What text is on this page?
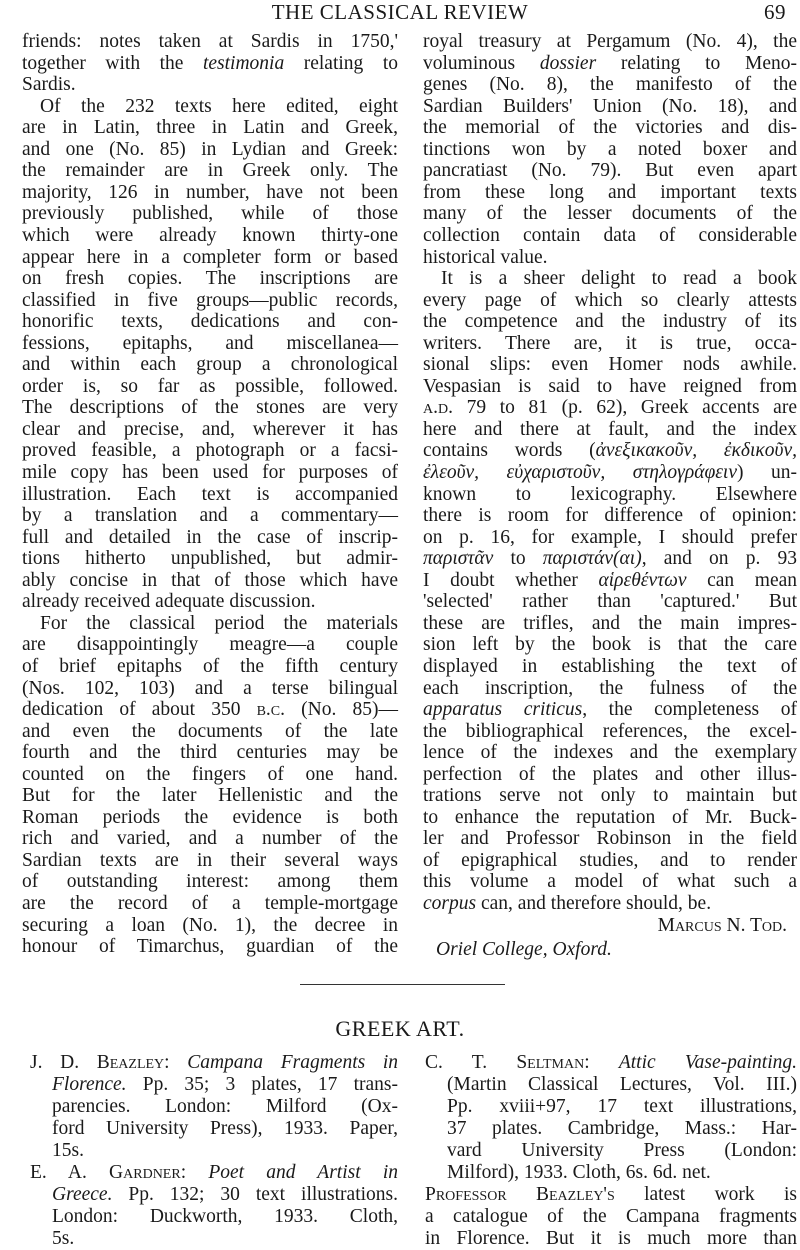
THE CLASSICAL REVIEW	69
friends: notes taken at Sardis in 1750,'
together with the testimonia relating to
Sardis.
Of the 232 texts here edited, eight
are in Latin, three in Latin and Greek,
and one (No. 85) in Lydian and Greek:
the remainder are in Greek only. The
majority, 126 in number, have not been
previously published, while of those
which were already known thirty-one
appear here in a completer form or based
on fresh copies. The inscriptions are
classified in five groups—public records,
honorific texts, dedications and con-
fessions, epitaphs, and miscellanea—
and within each group a chronological
order is, so far as possible, followed.
The descriptions of the stones are very
clear and precise, and, wherever it has
proved feasible, a photograph or a facsi-
mile copy has been used for purposes of
illustration. Each text is accompanied
by a translation and a commentary—
full and detailed in the case of inscrip-
tions hitherto unpublished, but admir-
ably concise in that of those which have
already received adequate discussion.
For the classical period the materials
are disappointingly meagre—a couple
of brief epitaphs of the fifth century
(Nos. 102, 103) and a terse bilingual
dedication of about 350 b.c. (No. 85)—
and even the documents of the late
fourth and the third centuries may be
counted on the fingers of one hand.
But for the later Hellenistic and the
Roman periods the evidence is both
rich and varied, and a number of the
Sardian texts are in their several ways
of outstanding interest: among them
are the record of a temple-mortgage
securing a loan (No. 1), the decree in
honour of Timarchus, guardian of the
royal treasury at Pergamum (No. 4), the
voluminous dossier relating to Meno-
genes (No. 8), the manifesto of the
Sardian Builders' Union (No. 18), and
the memorial of the victories and dis-
tinctions won by a noted boxer and
pancratiast (No. 79). But even apart
from these long and important texts
many of the lesser documents of the
collection contain data of considerable
historical value.
It is a sheer delight to read a book
every page of which so clearly attests
the competence and the industry of its
writers. There are, it is true, occa-
sional slips: even Homer nods awhile.
Vespasian is said to have reigned from
a.d. 79 to 81 (p. 62), Greek accents are
here and there at fault, and the index
contains words (ἀνεξικακοῦν, ἐκδικοῦν,
ἐλεοῦν, εὐχαριστοῦν, στηλογράφειν) un-
known to lexicography. Elsewhere
there is room for difference of opinion:
on p. 16, for example, I should prefer
παριστᾶν to παριστάν(αι), and on p. 93
I doubt whether αἱρεθέντων can mean
'selected' rather than 'captured.' But
these are trifles, and the main impres-
sion left by the book is that the care
displayed in establishing the text of
each inscription, the fulness of the
apparatus criticus, the completeness of
the bibliographical references, the excel-
lence of the indexes and the exemplary
perfection of the plates and other illus-
trations serve not only to maintain but
to enhance the reputation of Mr. Buck-
ler and Professor Robinson in the field
of epigraphical studies, and to render
this volume a model of what such a
corpus can, and therefore should, be.
Marcus N. Tod.
Oriel College, Oxford.
GREEK ART.
J. D. Beazley: Campana Fragments in
Florence. Pp. 35; 3 plates, 17 trans-
parencies. London: Milford (Ox-
ford University Press), 1933. Paper,
15s.
E. A. Gardner: Poet and Artist in
Greece. Pp. 132; 30 text illustrations.
London: Duckworth, 1933. Cloth,
5s.
C. T. Seltman: Attic Vase-painting.
(Martin Classical Lectures, Vol. III.)
Pp. xviii+97, 17 text illustrations,
37 plates. Cambridge, Mass.: Har-
vard University Press (London:
Milford), 1933. Cloth, 6s. 6d. net.
Professor Beazley's latest work is
a catalogue of the Campana fragments
in Florence. But it is much more than
